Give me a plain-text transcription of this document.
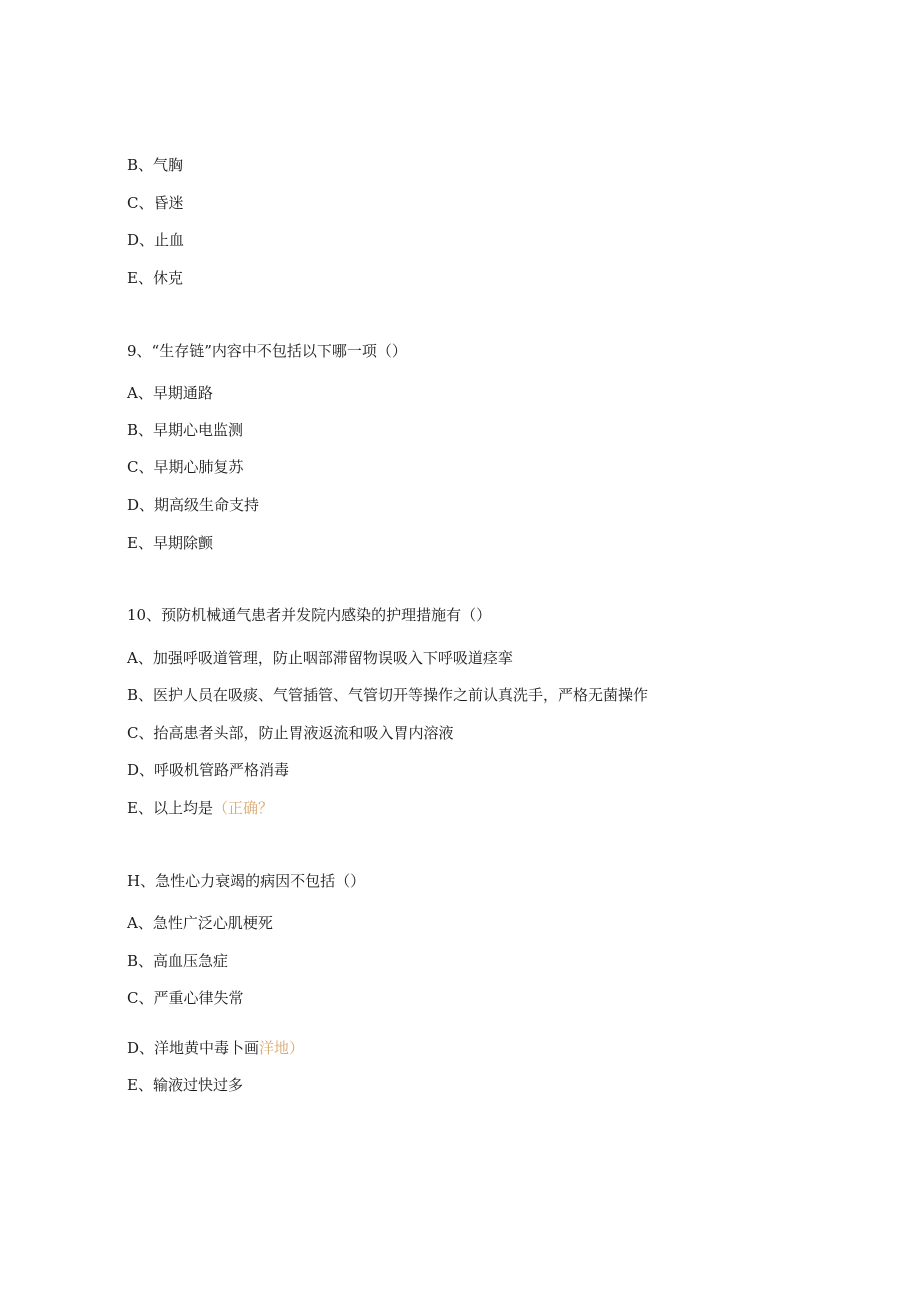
B、气胸
C、昏迷
D、止血
E、休克
9、“生存链”内容中不包括以下哪一项（）
A、早期通路
B、早期心电监测
C、早期心肺复苏
D、期高级生命支持
E、早期除颤
10、预防机械通气患者并发院内感染的护理措施有（）
A、加强呼吸道管理，防止咽部滞留物误吸入下呼吸道痉挛
B、医护人员在吸痰、气管插管、气管切开等操作之前认真洗手，严格无菌操作
C、抬高患者头部，防止胃液返流和吸入胃内溶液
D、呼吸机管路严格消毒
E、以上均是（正确？
H、急性心力衰竭的病因不包括（）
A、急性广泛心肌梗死
B、高血压急症
C、严重心律失常
D、洋地黄中毒卜画洋地）
E、输液过快过多
